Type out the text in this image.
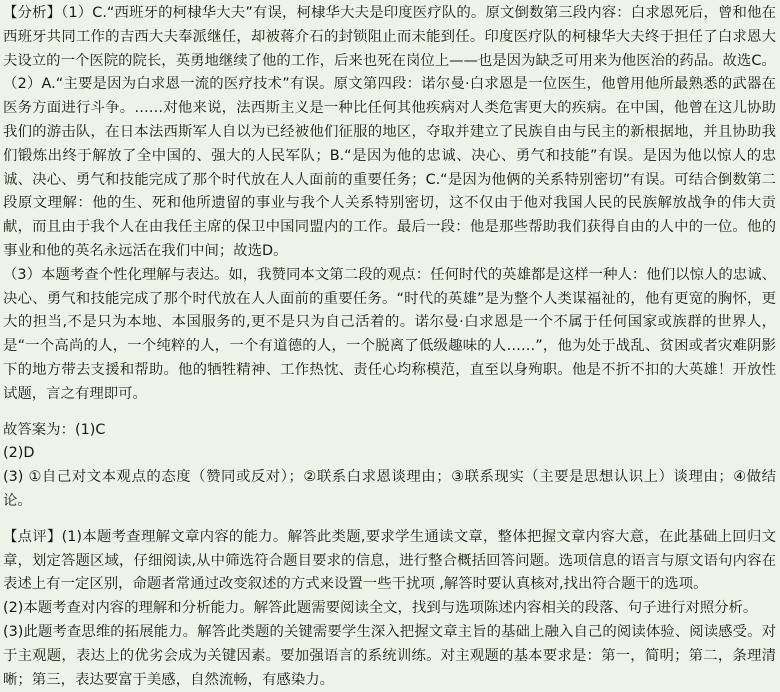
【分析】（1）C.“西班牙的柯棣华大夫”有误，柯棣华大夫是印度医疗队的。原文倒数第三段内容：白求恩死后，曾和他在西班牙共同工作的吉西大夫奉派继任，却被蒋介石的封锁阻止而未能到任。印度医疗队的柯棣华大夫终于担任了白求恩大夫设立的一个医院的院长，英勇地继续了他的工作，后来也死在岗位上——也是因为缺乏可用来为他医治的药品。故选C。

（2）A.“主要是因为白求恩一流的医疗技术”有误。原文第四段：诺尔曼·白求恩是一位医生，他曾用他所最熟悉的武器在医务方面进行斗争。……对他来说，法西斯主义是一种比任何其他疾病对人类危害更大的疾病。在中国，他曾在这儿协助我们的游击队，在日本法西斯军人自以为已经被他们征服的地区，夺取并建立了民族自由与民主的新根据地，并且协助我们锻炼出终于解放了全中国的、强大的人民军队；B.“是因为他的忠诚、决心、勇气和技能”有误。是因为他以惊人的忠诚、决心、勇气和技能完成了那个时代放在人人面前的重要任务；C.“是因为他俩的关系特别密切”有误。可结合倒数第二段原文理解：他的生、死和他所遗留的事业与我个人关系特别密切，这不仅由于他对我国人民的民族解放战争的伟大贡献，而且由于我个人在由我任主席的保卫中国同盟内的工作。最后一段：他是那些帮助我们获得自由的人中的一位。他的事业和他的英名永远活在我们中间；故选D。

（3）本题考查个性化理解与表达。如，我赞同本文第二段的观点：任何时代的英雄都是这样一种人：他们以惊人的忠诚、决心、勇气和技能完成了那个时代放在人人面前的重要任务。“时代的英雄”是为整个人类谋福祉的，他有更宽的胸怀，更大的担当,不是只为本地、本国服务的,更不是只为自己活着的。诺尔曼·白求恩是一个不属于任何国家或族群的世界人，是“一个高尚的人，一个纯粹的人，一个有道德的人，一个脱离了低级趣味的人……”，他为处于战乱、贫困或者灾难阴影下的地方带去支援和帮助。他的牺牲精神、工作热忱、责任心均称模范，直至以身殉职。他是不折不扣的大英雄！开放性试题，言之有理即可。

故答案为：(1)C

(2)D

(3) ①自己对文本观点的态度（赞同或反对）；②联系白求恩谈理由；③联系现实（主要是思想认识上）谈理由；④做结论。

【点评】(1)本题考查理解文章内容的能力。解答此类题,要求学生通读文章，整体把握文章内容大意，在此基础上回归文章，划定答题区域，仔细阅读,从中筛选符合题目要求的信息，进行整合概括回答问题。选项信息的语言与原文语句内容在表述上有一定区别，命题者常通过改变叙述的方式来设置一些干扰项 ,解答时要认真核对,找出符合题干的选项。

(2)本题考查对内容的理解和分析能力。解答此题需要阅读全文，找到与选项陈述内容相关的段落、句子进行对照分析。

(3)此题考查思维的拓展能力。解答此类题的关键需要学生深入把握文章主旨的基础上融入自己的阅读体验、阅读感受。对于主观题，表达上的优劣会成为关键因素。要加强语言的系统训练。对主观题的基本要求是：第一，简明；第二，条理清晰；第三，表达要富于美感，自然流畅，有感染力。
